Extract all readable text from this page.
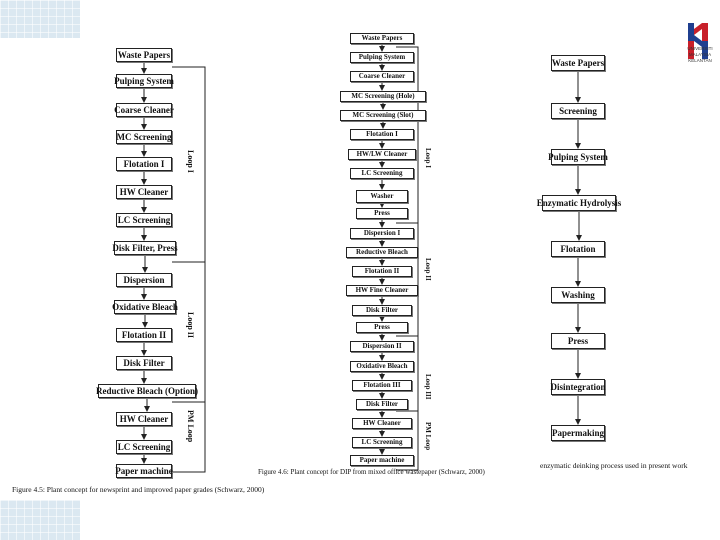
UNIVERSITI
MALAYSIA
KELANTAN
Waste Papers
Pulping System
Coarse Cleaner
MC Screening
Flotation I
HW Cleaner
LC Screening
Disk Filter, Press
Dispersion
Oxidative Bleach
Flotation II
Disk Filter
Reductive Bleach (Option)
HW Cleaner
LC Screening
Paper machine
Loop I
Loop II
PM Loop
Figure 4.5: Plant concept for newsprint and improved paper grades (Schwarz, 2000)
Waste Papers
Pulping System
Coarse Cleaner
MC Screening (Hole)
MC Screening (Slot)
Flotation I
HW/LW Cleaner
LC Screening
Washer
Press
Dispersion I
Reductive Bleach
Flotation II
HW Fine Cleaner
Disk Filter
Press
Dispersion II
Oxidative Bleach
Flotation III
Disk Filter
HW Cleaner
LC Screening
Paper machine
Loop I
Loop II
Loop III
PM Loop
Figure 4.6: Plant concept for DIP from mixed office wastepaper (Schwarz, 2000)
Waste Papers
Screening
Pulping System
Enzymatic Hydrolysis
Flotation
Washing
Press
Disintegration
Papermaking
enzymatic deinking process used in present work
